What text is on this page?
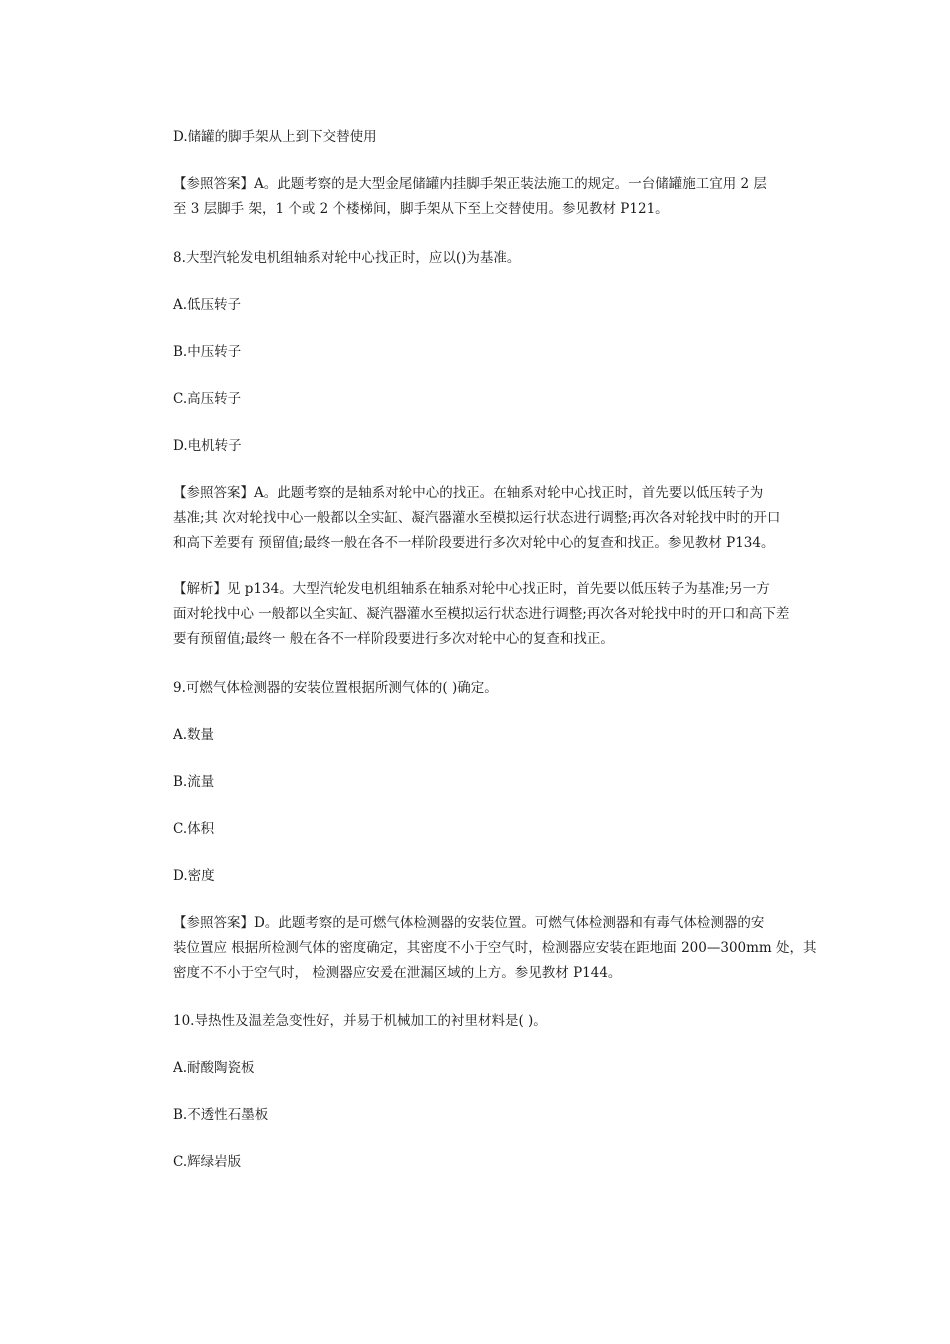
D.储罐的脚手架从上到下交替使用
【参照答案】A。此题考察的是大型金尾储罐内挂脚手架正装法施工的规定。一台储罐施工宜用 2 层
至 3 层脚手 架，1 个或 2 个楼梯间，脚手架从下至上交替使用。参见教材 P121。
8.大型汽轮发电机组轴系对轮中心找正时，应以()为基准。
A.低压转子
B.中压转子
C.高压转子
D.电机转子
【参照答案】A。此题考察的是轴系对轮中心的找正。在轴系对轮中心找正时，首先要以低压转子为
基准;其 次对轮找中心一般都以全实缸、凝汽器灌水至模拟运行状态进行调整;再次各对轮找中时的开口
和高下差要有 预留值;最终一般在各不一样阶段要进行多次对轮中心的复查和找正。参见教材 P134。
【解析】见 p134。大型汽轮发电机组轴系在轴系对轮中心找正时，首先要以低压转子为基准;另一方
面对轮找中心 一般都以全实缸、凝汽器灌水至模拟运行状态进行调整;再次各对轮找中时的开口和高下差
要有预留值;最终一 般在各不一样阶段要进行多次对轮中心的复查和找正。
9.可燃气体检测器的安装位置根据所测气体的( )确定。
A.数量
B.流量
C.体积
D.密度
【参照答案】D。此题考察的是可燃气体检测器的安装位置。可燃气体检测器和有毒气体检测器的安
装位置应 根据所检测气体的密度确定，其密度不小于空气时，检测器应安装在距地面 200—300mm 处，其
密度不不小于空气时， 检测器应安爰在泄漏区域的上方。参见教材 P144。
10.导热性及温差急变性好，并易于机械加工的衬里材料是( )。
A.耐酸陶瓷板
B.不透性石墨板
C.辉绿岩版
